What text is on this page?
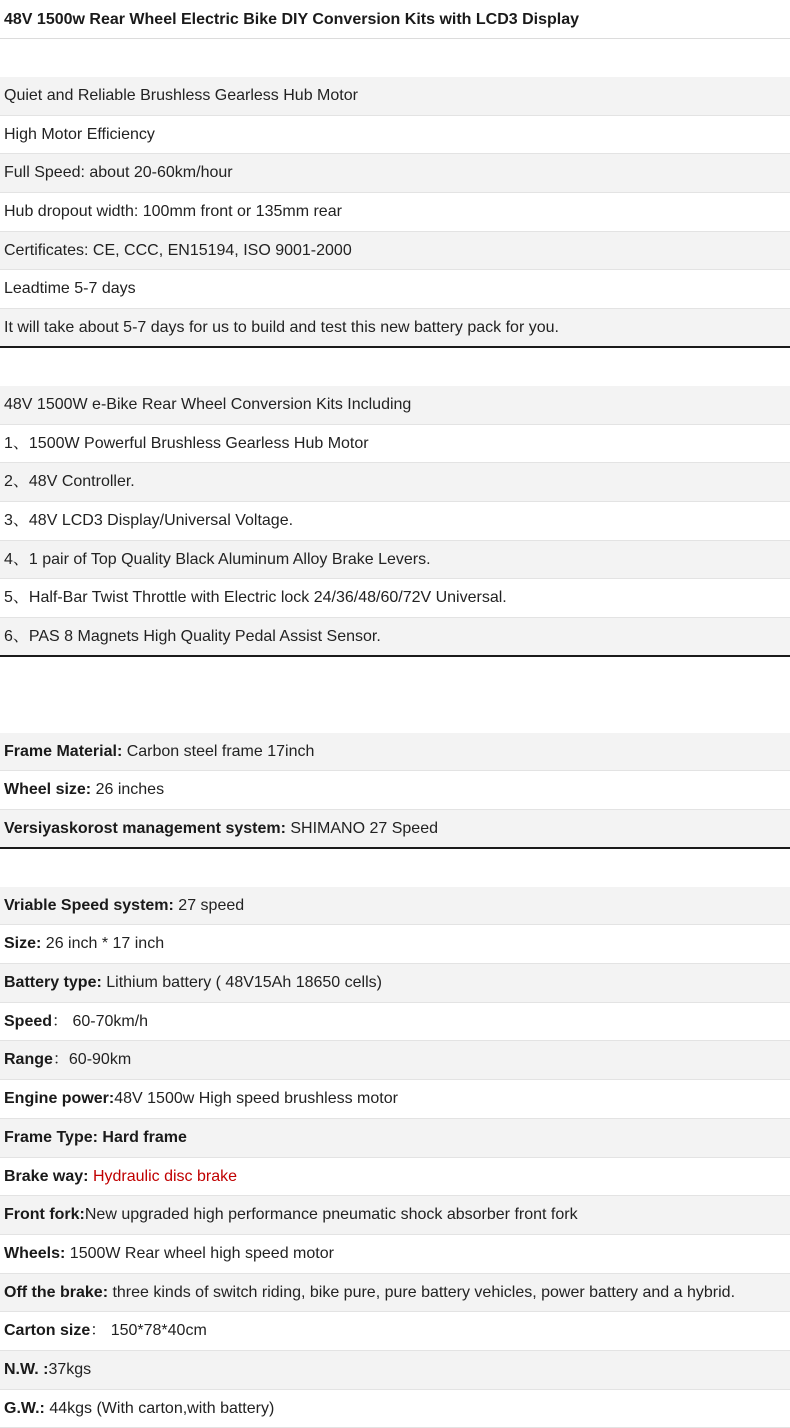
48V 1500w Rear Wheel Electric Bike DIY Conversion Kits with LCD3 Display
Quiet and Reliable Brushless Gearless Hub Motor
High Motor Efficiency
Full Speed: about 20-60km/hour
Hub dropout width: 100mm front or 135mm rear
Certificates: CE, CCC, EN15194, ISO 9001-2000
Leadtime 5-7 days
It will take about 5-7 days for us to build and test this new battery pack for you.
48V 1500W e-Bike Rear Wheel Conversion Kits Including
1、1500W Powerful Brushless Gearless Hub Motor
2、48V Controller.
3、48V LCD3 Display/Universal Voltage.
4、1 pair of Top Quality Black Aluminum Alloy Brake Levers.
5、Half-Bar Twist Throttle with Electric lock 24/36/48/60/72V Universal.
6、PAS 8 Magnets High Quality Pedal Assist Sensor.
Frame Material: Carbon steel frame 17inch
Wheel size: 26 inches
Versiyaskorost management system: SHIMANO 27 Speed
Vriable Speed system: 27 speed
Size: 26 inch * 17 inch
Battery type: Lithium battery ( 48V15Ah 18650 cells)
Speed： 60-70km/h
Range：60-90km
Engine power:48V 1500w High speed brushless motor
Frame Type: Hard frame
Brake way: Hydraulic disc brake
Front fork:New upgraded high performance pneumatic shock absorber front fork
Wheels: 1500W Rear wheel high speed motor
Off the brake: three kinds of switch riding, bike pure, pure battery vehicles, power battery and a hybrid.
Carton size： 150*78*40cm
N.W. :37kgs
G.W.: 44kgs (With carton,with battery)
